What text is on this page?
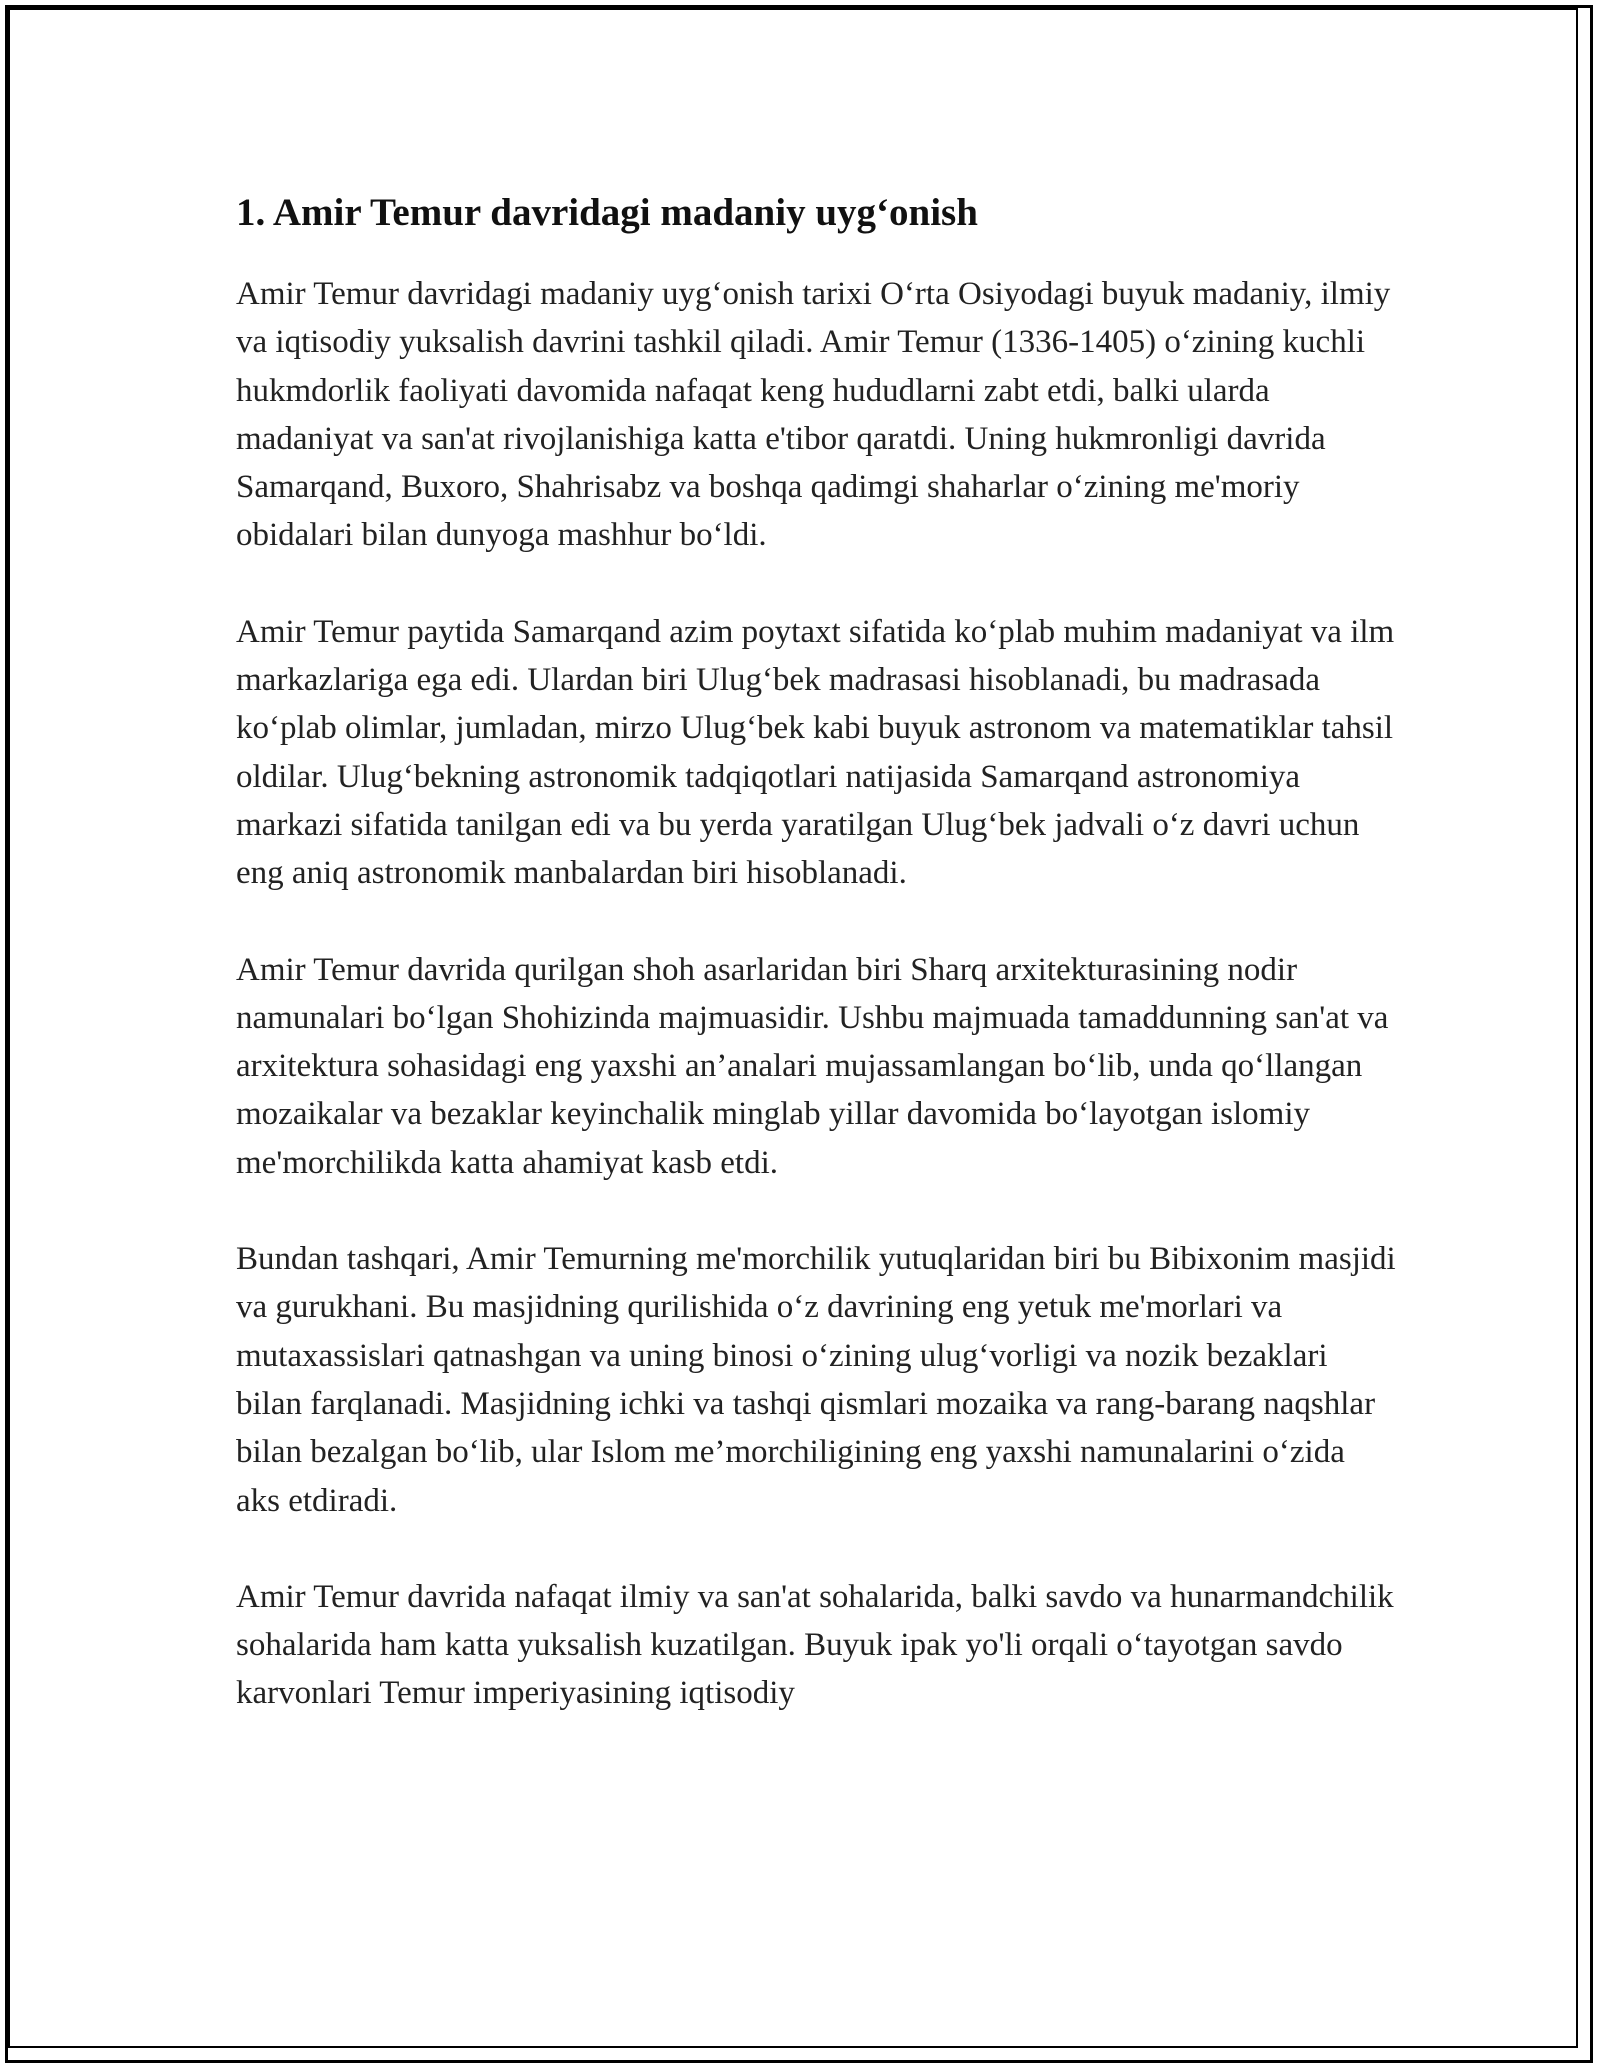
1. Amir Temur davridagi madaniy uyg‘onish

Amir Temur davridagi madaniy uyg‘onish tarixi O‘rta Osiyodagi buyuk madaniy, ilmiy va iqtisodiy yuksalish davrini tashkil qiladi. Amir Temur (1336-1405) o‘zining kuchli hukmdorlik faoliyati davomida nafaqat keng hududlarni zabt etdi, balki ularda madaniyat va san'at rivojlanishiga katta e'tibor qaratdi. Uning hukmronligi davrida Samarqand, Buxoro, Shahrisabz va boshqa qadimgi shaharlar o‘zining me'moriy obidalari bilan dunyoga mashhur bo‘ldi.

Amir Temur paytida Samarqand azim poytaxt sifatida ko‘plab muhim madaniyat va ilm markazlariga ega edi. Ulardan biri Ulug‘bek madrasasi hisoblanadi, bu madrasada ko‘plab olimlar, jumladan, mirzo Ulug‘bek kabi buyuk astronom va matematiklar tahsil oldilar. Ulug‘bekning astronomik tadqiqotlari natijasida Samarqand astronomiya markazi sifatida tanilgan edi va bu yerda yaratilgan Ulug‘bek jadvali o‘z davri uchun eng aniq astronomik manbalardan biri hisoblanadi.

Amir Temur davrida qurilgan shoh asarlaridan biri Sharq arxitekturasining nodir namunalari bo‘lgan Shohizinda majmuasidir. Ushbu majmuada tamaddunning san'at va arxitektura sohasidagi eng yaxshi an’analari mujassamlangan bo‘lib, unda qo‘llangan mozaikalar va bezaklar keyinchalik minglab yillar davomida bo‘layotgan islomiy me'morchilikda katta ahamiyat kasb etdi.

Bundan tashqari, Amir Temurning me'morchilik yutuqlaridan biri bu Bibixonim masjidi va gurukhani. Bu masjidning qurilishida o‘z davrining eng yetuk me'morlari va mutaxassislari qatnashgan va uning binosi o‘zining ulug‘vorligi va nozik bezaklari bilan farqlanadi. Masjidning ichki va tashqi qismlari mozaika va rang-barang naqshlar bilan bezalgan bo‘lib, ular Islom me’morchiligining eng yaxshi namunalarini o‘zida aks etdiradi.

Amir Temur davrida nafaqat ilmiy va san'at sohalarida, balki savdo va hunarmandchilik sohalarida ham katta yuksalish kuzatilgan. Buyuk ipak yo'li orqali o‘tayotgan savdo karvonlari Temur imperiyasining iqtisodiy
